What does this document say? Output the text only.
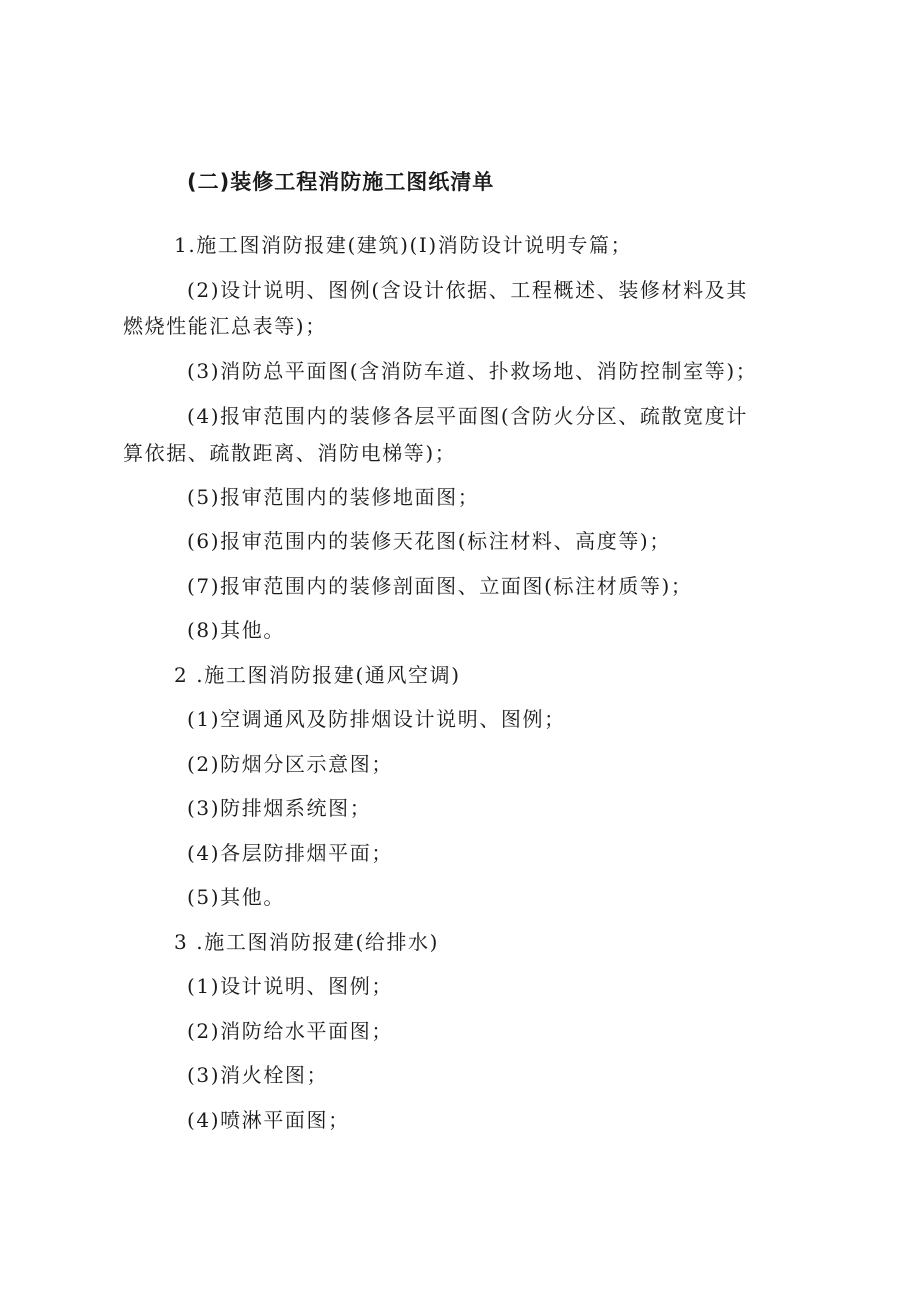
(二)装修工程消防施工图纸清单
1.施工图消防报建(建筑)(I)消防设计说明专篇；
(2)设计说明、图例(含设计依据、工程概述、装修材料及其
燃烧性能汇总表等)；
(3)消防总平面图(含消防车道、扑救场地、消防控制室等)；
(4)报审范围内的装修各层平面图(含防火分区、疏散宽度计
算依据、疏散距离、消防电梯等)；
(5)报审范围内的装修地面图；
(6)报审范围内的装修天花图(标注材料、高度等)；
(7)报审范围内的装修剖面图、立面图(标注材质等)；
(8)其他。
2 .施工图消防报建(通风空调)
(1)空调通风及防排烟设计说明、图例；
(2)防烟分区示意图；
(3)防排烟系统图；
(4)各层防排烟平面；
(5)其他。
3 .施工图消防报建(给排水)
(1)设计说明、图例；
(2)消防给水平面图；
(3)消火栓图；
(4)喷淋平面图；
